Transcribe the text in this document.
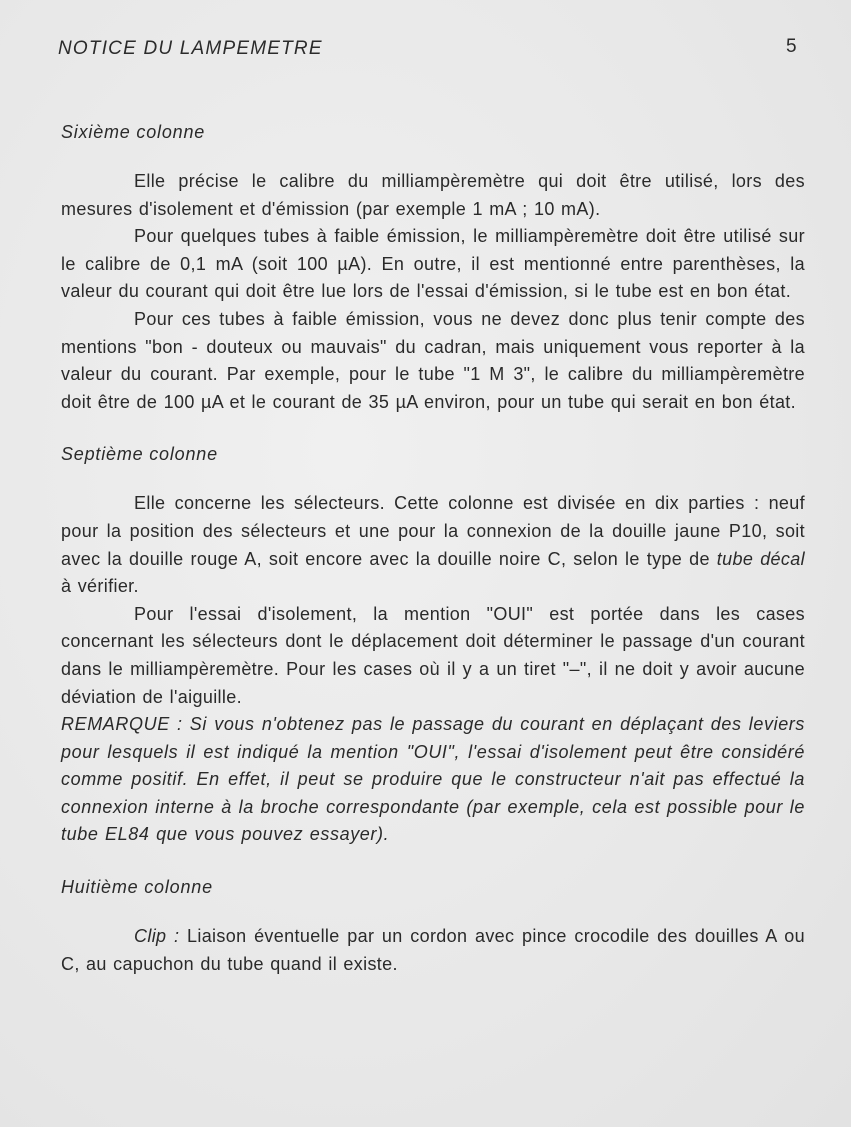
NOTICE DU LAMPEMETRE	5

Sixième colonne

Elle précise le calibre du milliampèremètre qui doit être utilisé, lors des mesures d'isolement et d'émission (par exemple 1 mA ; 10 mA).

Pour quelques tubes à faible émission, le milliampèremètre doit être utilisé sur le calibre de 0,1 mA (soit 100 µA). En outre, il est mentionné entre parenthèses, la valeur du courant qui doit être lue lors de l'essai d'émission, si le tube est en bon état.

Pour ces tubes à faible émission, vous ne devez donc plus tenir compte des mentions "bon - douteux ou mauvais" du cadran, mais uniquement vous reporter à la valeur du courant. Par exemple, pour le tube "1 M 3", le calibre du milliampèremètre doit être de 100 µA et le courant de 35 µA environ, pour un tube qui serait en bon état.

Septième colonne

Elle concerne les sélecteurs. Cette colonne est divisée en dix parties : neuf pour la position des sélecteurs et une pour la connexion de la douille jaune P10, soit avec la douille rouge A, soit encore avec la douille noire C, selon le type de tube décal à vérifier.

Pour l'essai d'isolement, la mention "OUI" est portée dans les cases concernant les sélecteurs dont le déplacement doit déterminer le passage d'un courant dans le milliampèremètre. Pour les cases où il y a un tiret "–", il ne doit y avoir aucune déviation de l'aiguille.

REMARQUE : Si vous n'obtenez pas le passage du courant en déplaçant des leviers pour lesquels il est indiqué la mention "OUI", l'essai d'isolement peut être considéré comme positif. En effet, il peut se produire que le constructeur n'ait pas effectué la connexion interne à la broche correspondante (par exemple, cela est possible pour le tube EL84 que vous pouvez essayer).

Huitième colonne

Clip : Liaison éventuelle par un cordon avec pince crocodile des douilles A ou C, au capuchon du tube quand il existe.
